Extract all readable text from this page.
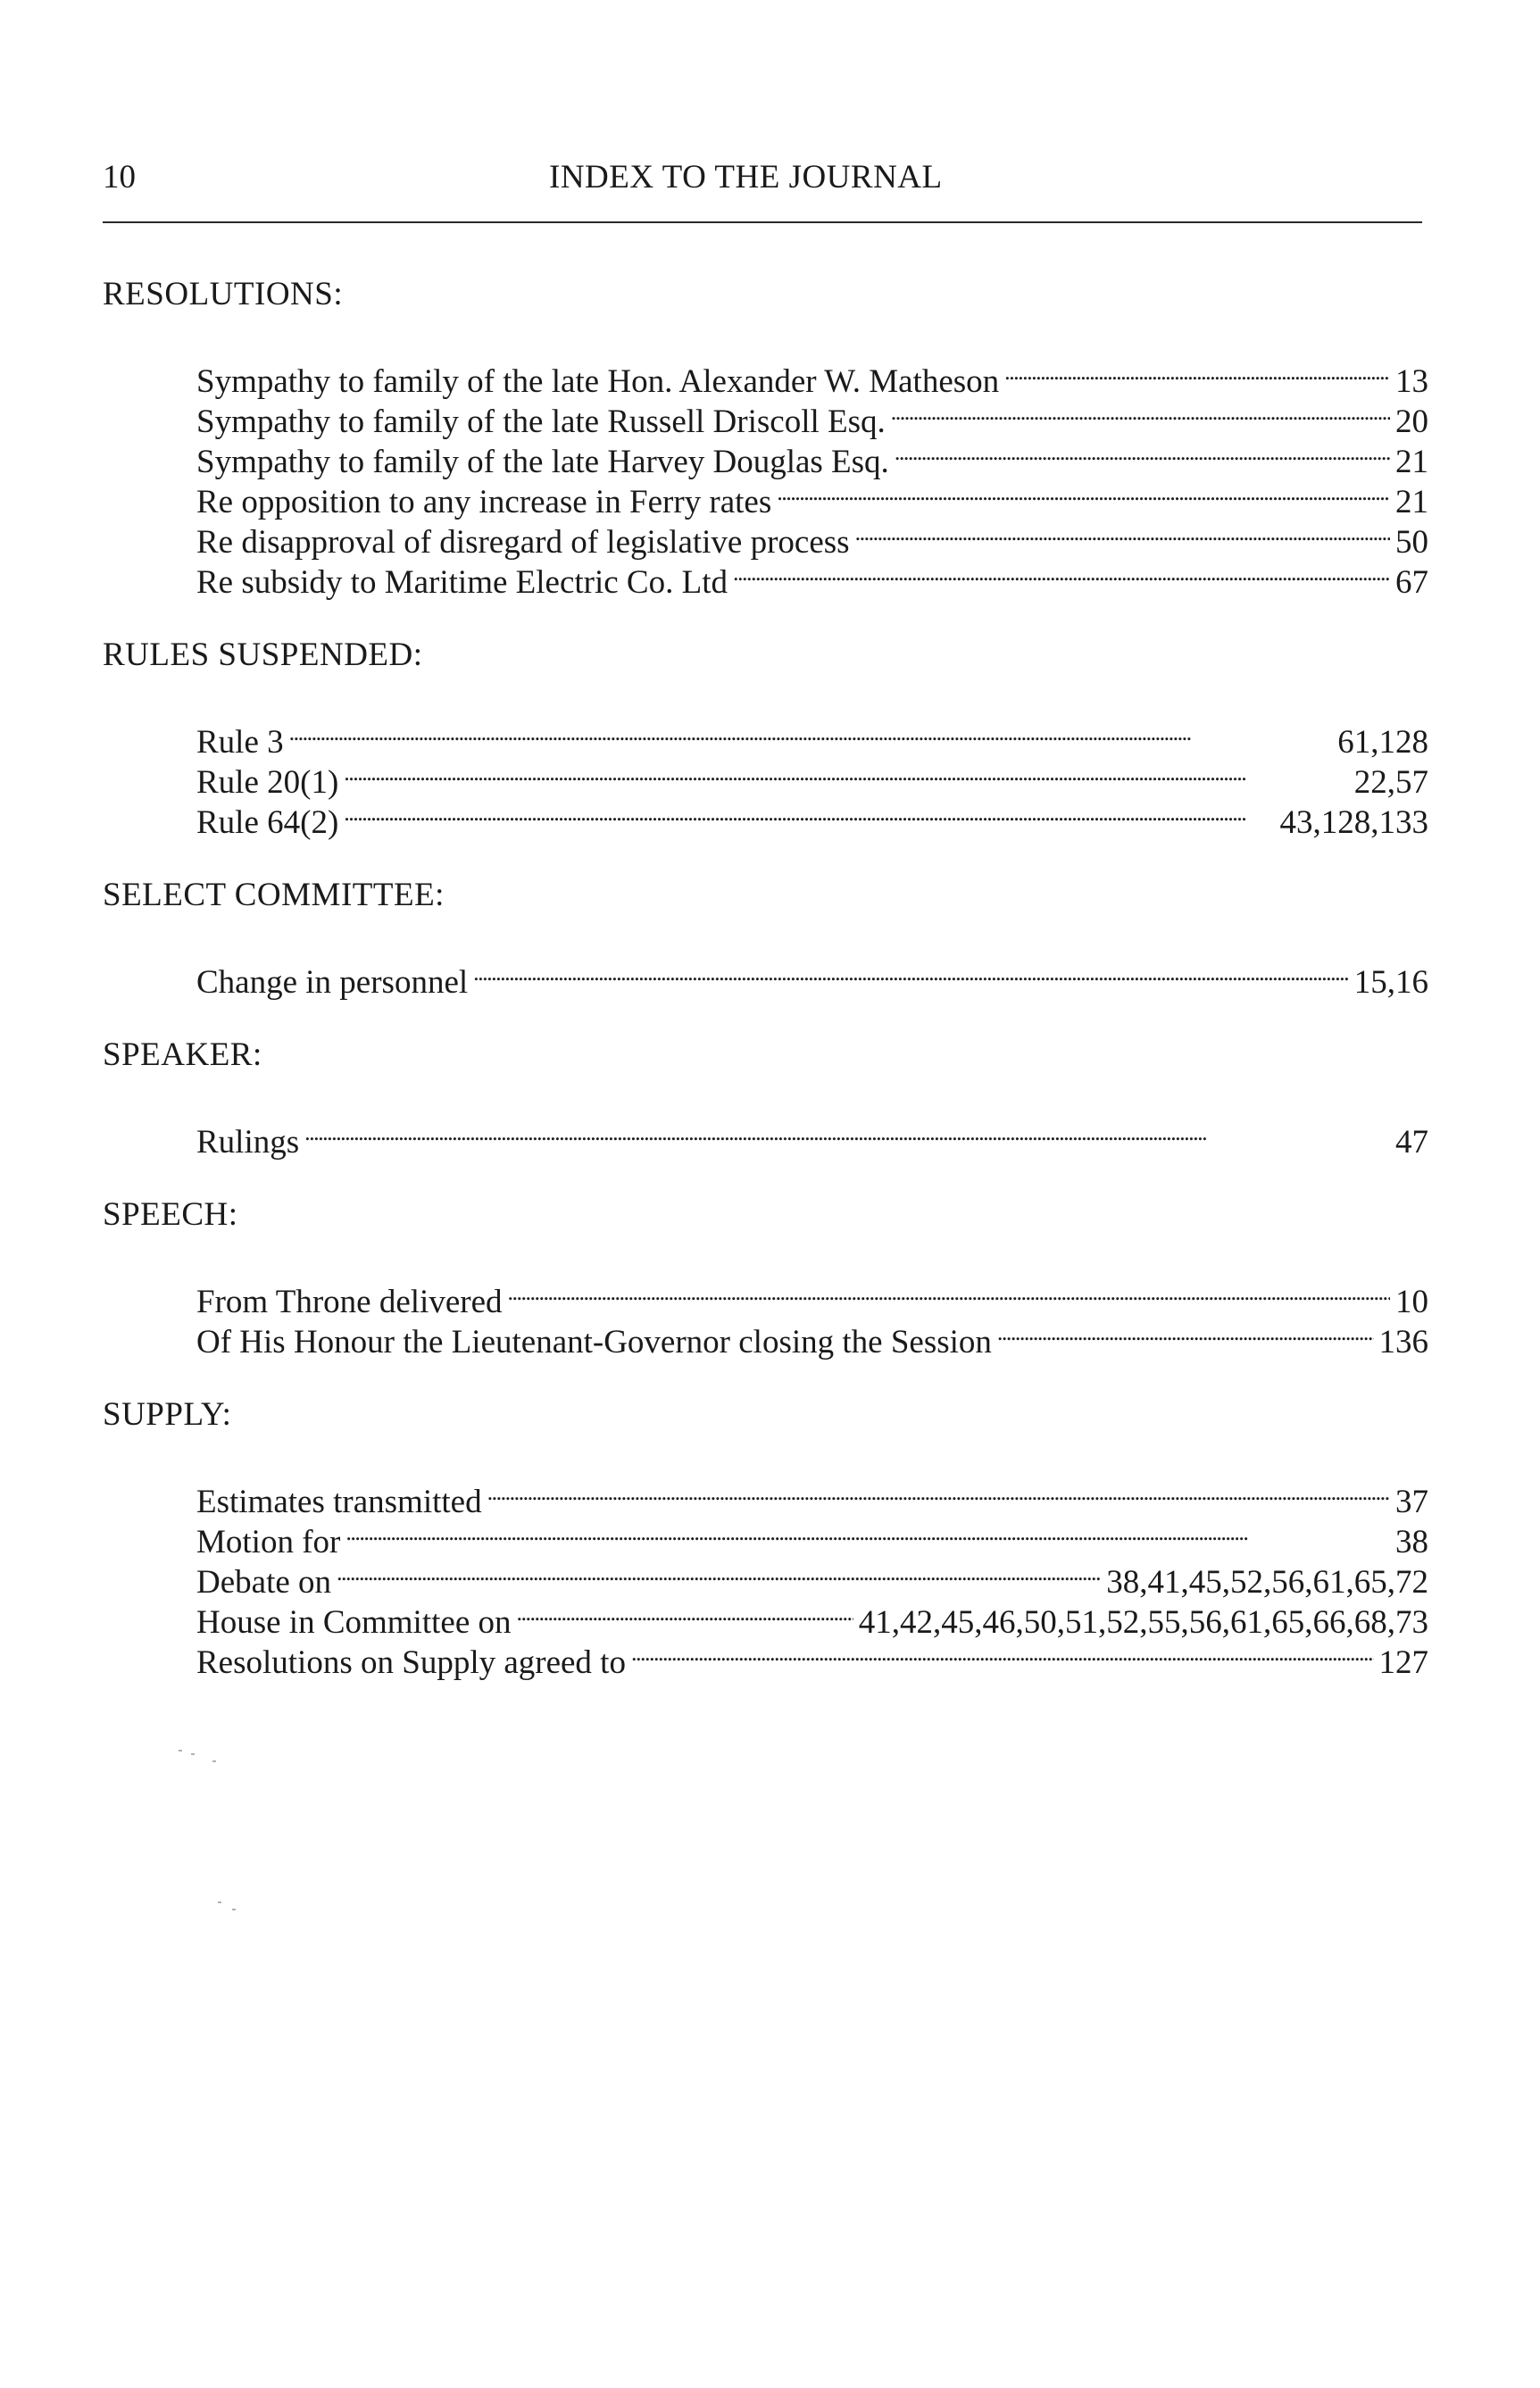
10	INDEX TO THE JOURNAL
RESOLUTIONS:
Sympathy to family of the late Hon. Alexander W. Matheson . . .	13
Sympathy to family of the late Russell Driscoll Esq. . . .	20
Sympathy to family of the late Harvey Douglas Esq. . . .	21
Re opposition to any increase in Ferry rates . . .	21
Re disapproval of disregard of legislative process . . .	50
Re subsidy to Maritime Electric Co. Ltd . . .	67
RULES SUSPENDED:
Rule 3 . . .	61,128
Rule 20(1) . . .	22,57
Rule 64(2) . . .	43,128,133
SELECT COMMITTEE:
Change in personnel . . .	15,16
SPEAKER:
Rulings . . .	47
SPEECH:
From Throne delivered . . .	10
Of His Honour the Lieutenant-Governor closing the Session . . .	136
SUPPLY:
Estimates transmitted . . .	37
Motion for . . .	38
Debate on . . .	38,41,45,52,56,61,65,72
House in Committee on . . .	41,42,45,46,50,51,52,55,56,61,65,66,68,73
Resolutions on Supply agreed to . . .	127
